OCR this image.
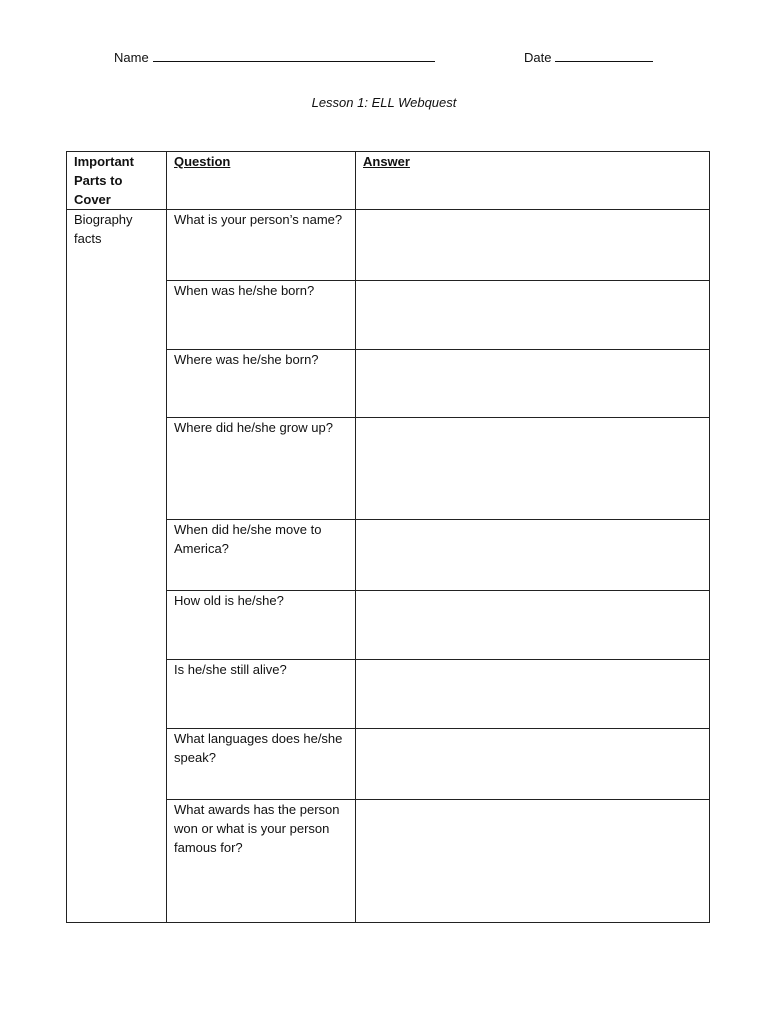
Name	Date
Lesson 1: ELL Webquest
Important Parts to Cover	Question	Answer
Biography facts	What is your person’s name?	
	When was he/she born?	
	Where was he/she born?	
	Where did he/she grow up?	
	When did he/she move to America?	
	How old is he/she?	
	Is he/she still alive?	
	What languages does he/she speak?	
	What awards has the person won or what is your person famous for?	
